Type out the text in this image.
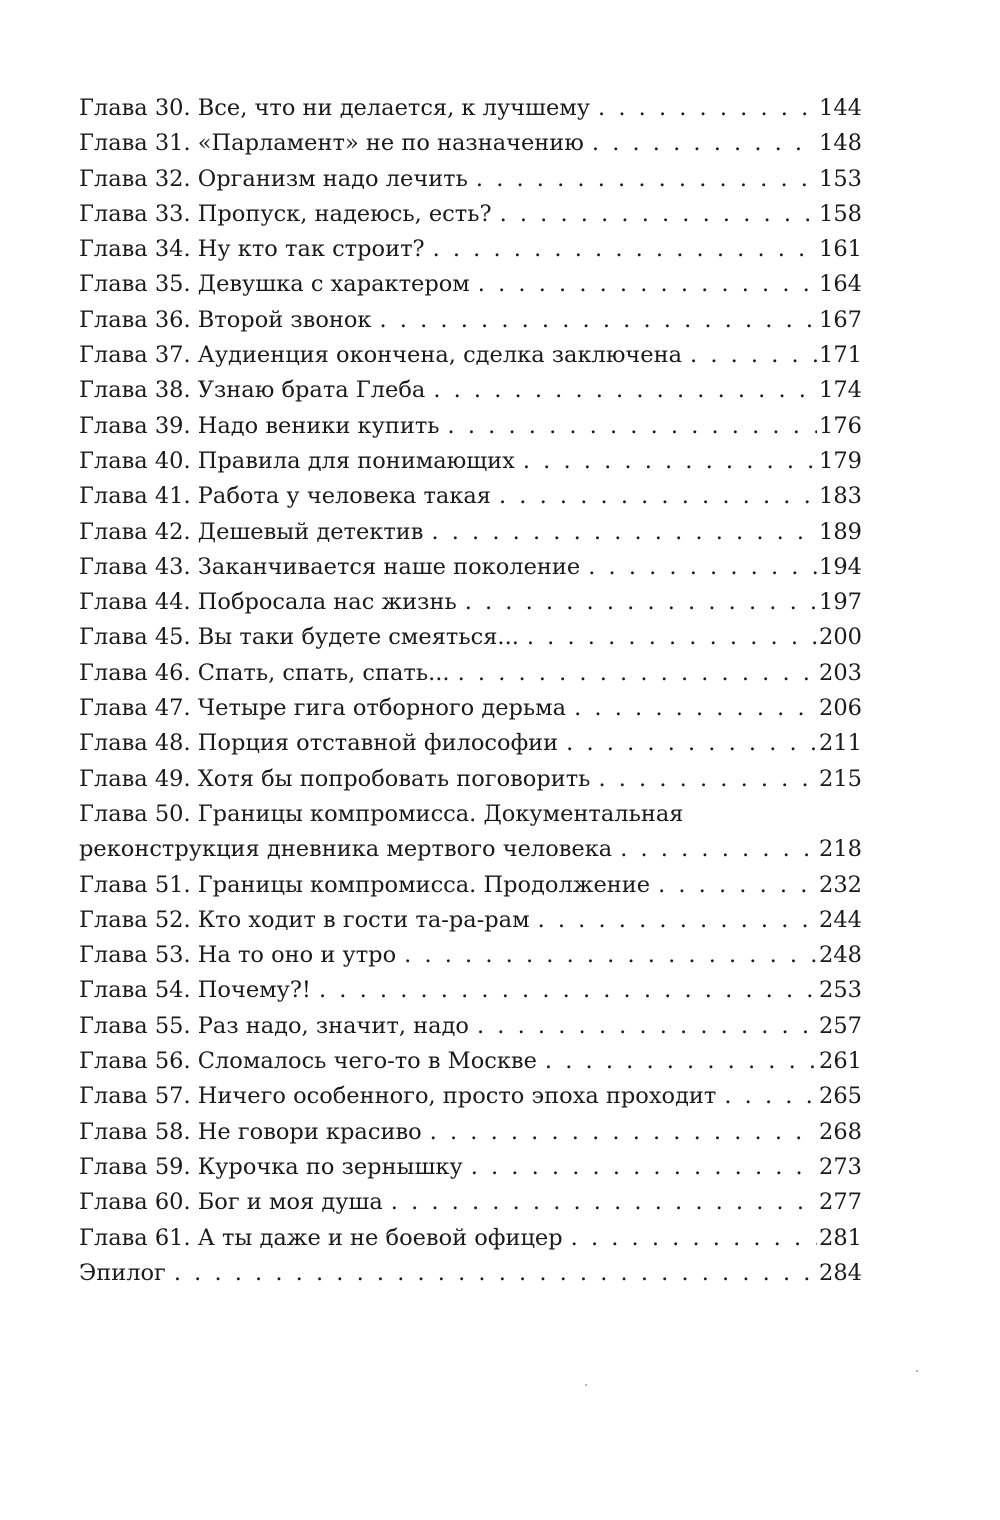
Глава 30. Все, что ни делается, к лучшему . . .	144
Глава 31. «Парламент» не по назначению . . .	148
Глава 32. Организм надо лечить . . .	153
Глава 33. Пропуск, надеюсь, есть? . . .	158
Глава 34. Ну кто так строит? . . .	161
Глава 35. Девушка с характером . . .	164
Глава 36. Второй звонок . . .	167
Глава 37. Аудиенция окончена, сделка заключена . . .	171
Глава 38. Узнаю брата Глеба . . .	174
Глава 39. Надо веники купить . . .	176
Глава 40. Правила для понимающих . . .	179
Глава 41. Работа у человека такая . . .	183
Глава 42. Дешевый детектив . . .	189
Глава 43. Заканчивается наше поколение . . .	194
Глава 44. Побросала нас жизнь . . .	197
Глава 45. Вы таки будете смеяться... . . .	200
Глава 46. Спать, спать, спать... . . .	203
Глава 47. Четыре гига отборного дерьма . . .	206
Глава 48. Порция отставной философии . . .	211
Глава 49. Хотя бы попробовать поговорить . . .	215
Глава 50. Границы компромисса. Документальная
реконструкция дневника мертвого человека . . .	218
Глава 51. Границы компромисса. Продолжение . . .	232
Глава 52. Кто ходит в гости та-ра-рам . . .	244
Глава 53. На то оно и утро . . .	248
Глава 54. Почему?! . . .	253
Глава 55. Раз надо, значит, надо . . .	257
Глава 56. Сломалось чего-то в Москве . . .	261
Глава 57. Ничего особенного, просто эпоха проходит . . .	265
Глава 58. Не говори красиво . . .	268
Глава 59. Курочка по зернышку . . .	273
Глава 60. Бог и моя душа . . .	277
Глава 61. А ты даже и не боевой офицер . . .	281
Эпилог . . .	284
